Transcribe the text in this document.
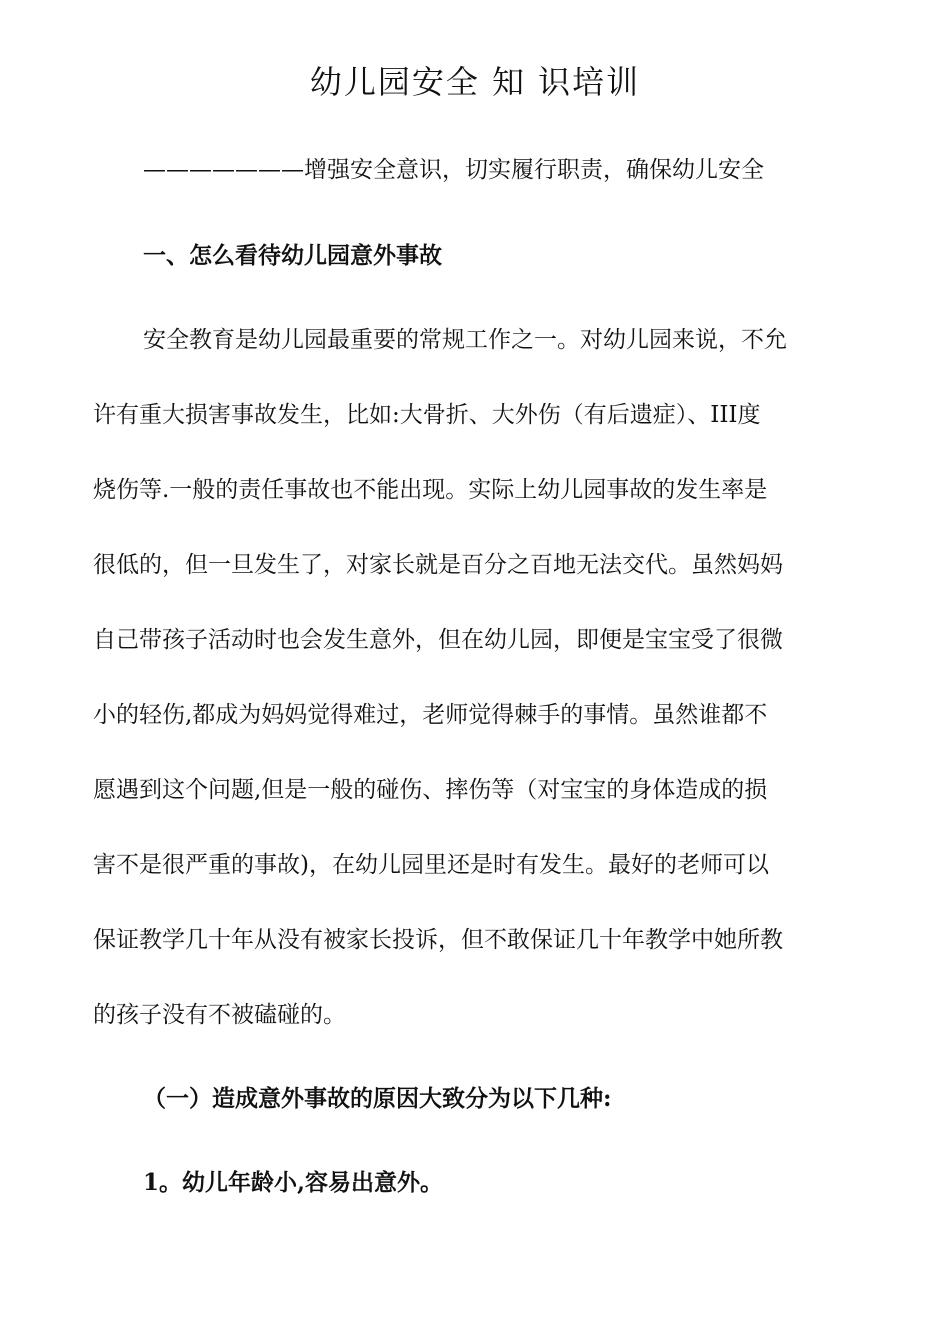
幼儿园安全 知 识培训
———————增强安全意识，切实履行职责，确保幼儿安全
一、怎么看待幼儿园意外事故
安全教育是幼儿园最重要的常规工作之一。对幼儿园来说，不允
许有重大损害事故发生，比如:大骨折、大外伤（有后遗症）、III度
烧伤等.一般的责任事故也不能出现。实际上幼儿园事故的发生率是
很低的，但一旦发生了，对家长就是百分之百地无法交代。虽然妈妈
自己带孩子活动时也会发生意外，但在幼儿园，即便是宝宝受了很微
小的轻伤,都成为妈妈觉得难过，老师觉得棘手的事情。虽然谁都不
愿遇到这个问题,但是一般的碰伤、摔伤等（对宝宝的身体造成的损
害不是很严重的事故)，在幼儿园里还是时有发生。最好的老师可以
保证教学几十年从没有被家长投诉，但不敢保证几十年教学中她所教
的孩子没有不被磕碰的。
（一）造成意外事故的原因大致分为以下几种:
1。幼儿年龄小,容易出意外。
